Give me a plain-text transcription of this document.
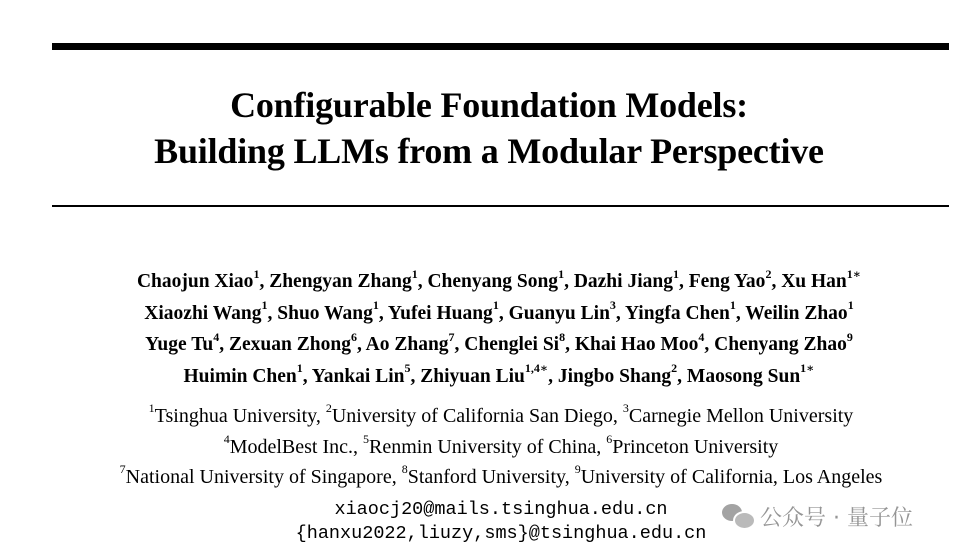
Configurable Foundation Models:
Building LLMs from a Modular Perspective
Chaojun Xiao$^1$, Zhengyan Zhang$^1$, Chenyang Song$^1$, Dazhi Jiang$^1$, Feng Yao$^2$, Xu Han$^{1∗}$
Xiaozhi Wang$^1$, Shuo Wang$^1$, Yufei Huang$^1$, Guanyu Lin$^3$, Yingfa Chen$^1$, Weilin Zhao$^1$
Yuge Tu$^4$, Zexuan Zhong$^6$, Ao Zhang$^7$, Chenglei Si$^8$, Khai Hao Moo$^4$, Chenyang Zhao$^9$
Huimin Chen$^1$, Yankai Lin$^5$, Zhiyuan Liu$^{1,4∗}$, Jingbo Shang$^2$, Maosong Sun$^{1∗}$
$^1$Tsinghua University, $^2$University of California San Diego, $^3$Carnegie Mellon University
$^4$ModelBest Inc., $^5$Renmin University of China, $^6$Princeton University
$^7$National University of Singapore, $^8$Stanford University, $^9$University of California, Los Angeles
xiaocj20@mails.tsinghua.edu.cn
{hanxu2022,liuzy,sms}@tsinghua.edu.cn
公众号 · 量子位
